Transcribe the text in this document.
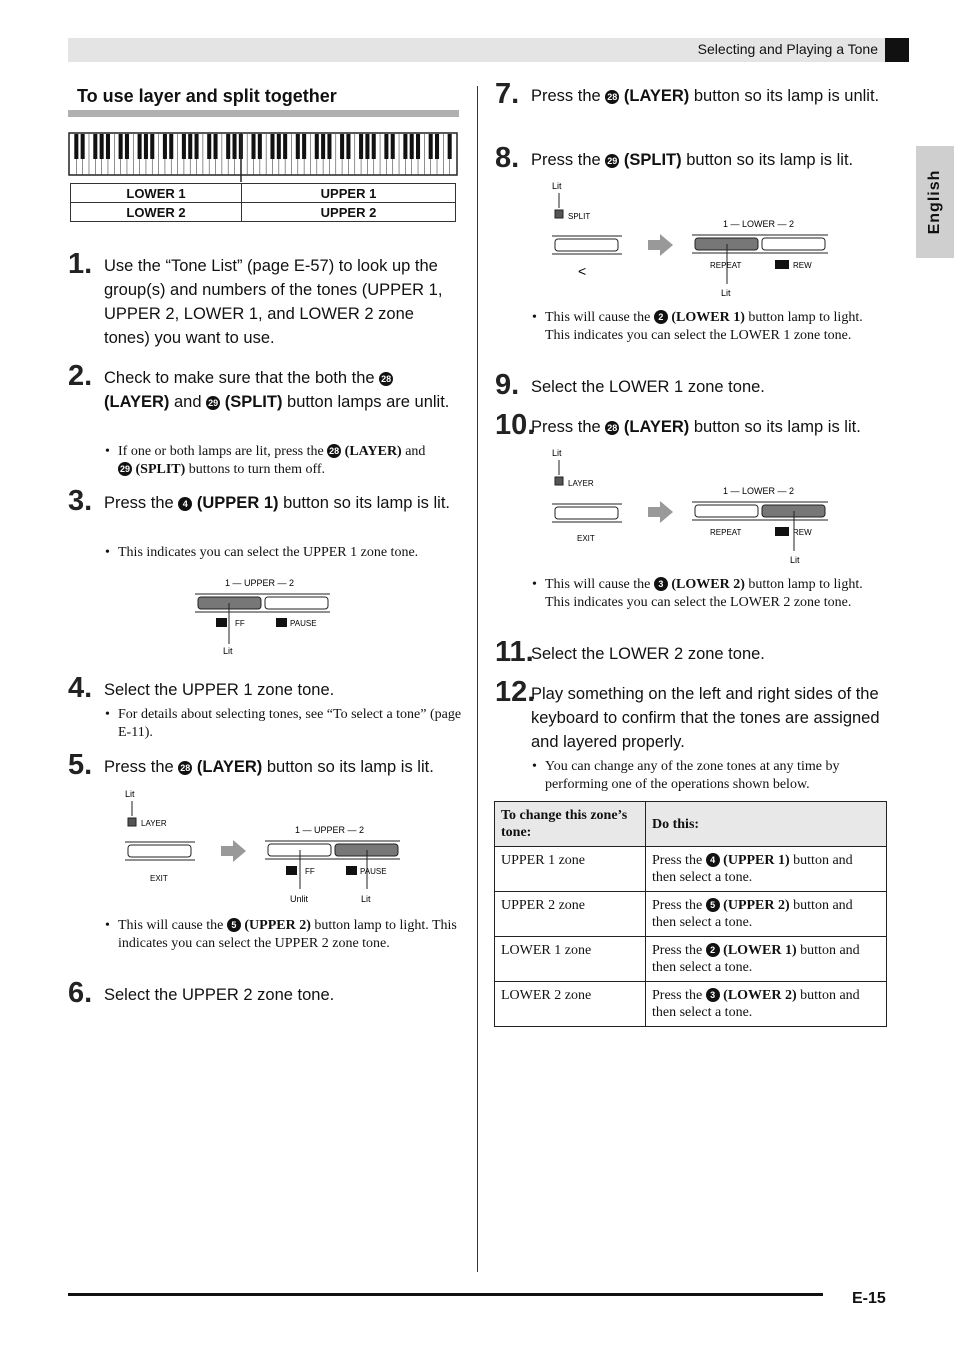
Selecting and Playing a Tone
English
To use layer and split together
LOWER 1	UPPER 1
LOWER 2	UPPER 2
1. Use the “Tone List” (page E-57) to look up the group(s) and numbers of the tones (UPPER 1, UPPER 2, LOWER 1, and LOWER 2 zone tones) you want to use.
2. Check to make sure that the both the 28
(LAYER) and 29 (SPLIT) button lamps are unlit.
• If one or both lamps are lit, press the 28 (LAYER) and
29 (SPLIT) buttons to turn them off.
3. Press the 4 (UPPER 1) button so its lamp is lit.
• This indicates you can select the UPPER 1 zone tone.
1 — UPPER — 2
FF	PAUSE
Lit
4. Select the UPPER 1 zone tone.
• For details about selecting tones, see “To select a tone” (page E-11).
5. Press the 28 (LAYER) button so its lamp is lit.
Lit
LAYER
EXIT
1 — UPPER — 2
FF	PAUSE
Unlit	Lit
• This will cause the 5 (UPPER 2) button lamp to light. This indicates you can select the UPPER 2 zone tone.
6. Select the UPPER 2 zone tone.
7. Press the 28 (LAYER) button so its lamp is unlit.
8. Press the 29 (SPLIT) button so its lamp is lit.
Lit
SPLIT
<
1 — LOWER — 2
REPEAT	REW
Lit
• This will cause the 2 (LOWER 1) button lamp to light. This indicates you can select the LOWER 1 zone tone.
9. Select the LOWER 1 zone tone.
10.
Press the 28 (LAYER) button so its lamp is lit.
Lit
LAYER
EXIT
1 — LOWER — 2
REPEAT	REW
Lit
• This will cause the 3 (LOWER 2) button lamp to light. This indicates you can select the LOWER 2 zone tone.
11.
Select the LOWER 2 zone tone.
12.
Play something on the left and right sides of the keyboard to confirm that the tones are assigned and layered properly.
• You can change any of the zone tones at any time by performing one of the operations shown below.
To change this zone’s tone:	Do this:
UPPER 1 zone	Press the 4 (UPPER 1) button and then select a tone.
UPPER 2 zone	Press the 5 (UPPER 2) button and then select a tone.
LOWER 1 zone	Press the 2 (LOWER 1) button and then select a tone.
LOWER 2 zone	Press the 3 (LOWER 2) button and then select a tone.
E-15
